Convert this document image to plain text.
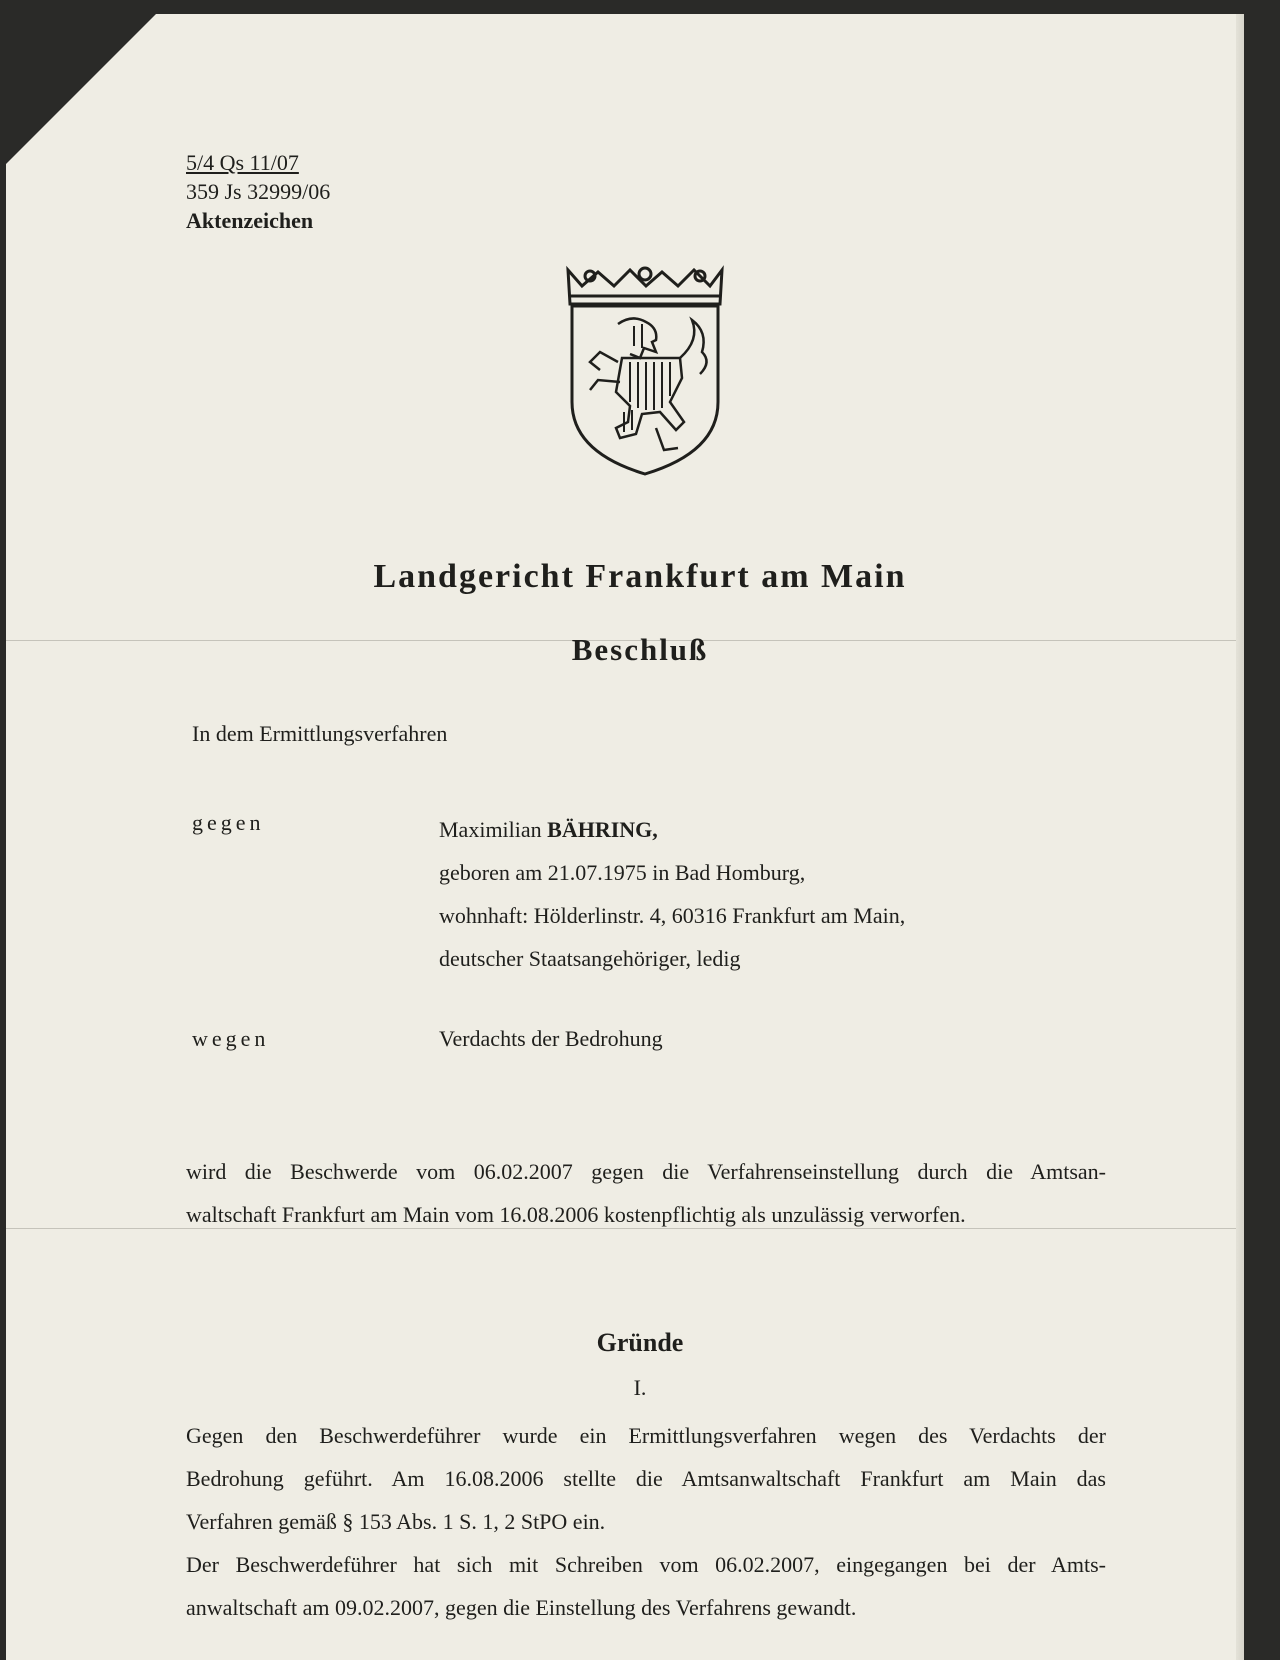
5/4 Qs 11/07
359 Js 32999/06
Aktenzeichen
Landgericht Frankfurt am Main
Beschluß
In dem Ermittlungsverfahren
gegen	Maximilian BÄHRING,
geboren am 21.07.1975 in Bad Homburg,
wohnhaft: Hölderlinstr. 4, 60316 Frankfurt am Main,
deutscher Staatsangehöriger, ledig
wegen	Verdachts der Bedrohung
wird die Beschwerde vom 06.02.2007 gegen die Verfahrenseinstellung durch die Amtsan-
waltschaft Frankfurt am Main vom 16.08.2006 kostenpflichtig als unzulässig verworfen.
Gründe
I.
Gegen den Beschwerdeführer wurde ein Ermittlungsverfahren wegen des Verdachts der
Bedrohung geführt. Am 16.08.2006 stellte die Amtsanwaltschaft Frankfurt am Main das
Verfahren gemäß § 153 Abs. 1 S. 1, 2 StPO ein.
Der Beschwerdeführer hat sich mit Schreiben vom 06.02.2007, eingegangen bei der Amts-
anwaltschaft am 09.02.2007, gegen die Einstellung des Verfahrens gewandt.
